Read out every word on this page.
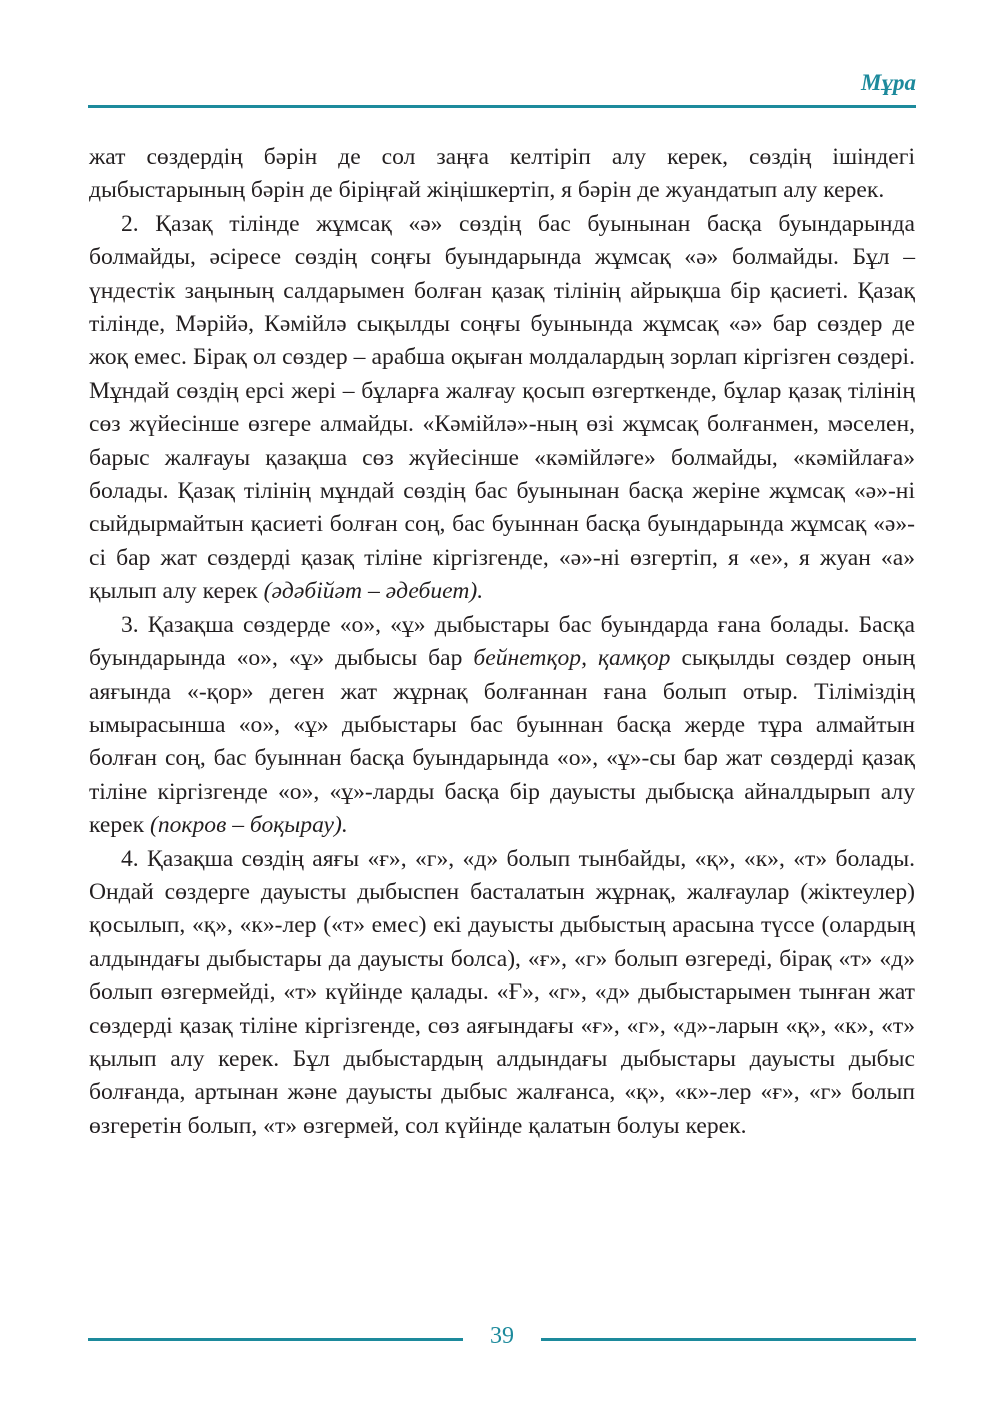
Мұра

жат сөздердің бәрін де сол заңға келтіріп алу керек, сөздің ішіндегі дыбыстарының бәрін де біріңғай жіңішкертіп, я бәрін де жуандатып алу керек.

2. Қазақ тілінде жұмсақ «ә» сөздің бас буынынан басқа буындарында болмайды, әсіресе сөздің соңғы буындарында жұмсақ «ә» болмайды. Бұл – үндестік заңының салдарымен болған қазақ тілінің айрықша бір қасиеті. Қазақ тілінде, Мәрійә, Кәмійлә сықылды соңғы буынында жұмсақ «ә» бар сөздер де жоқ емес. Бірақ ол сөздер – арабша оқыған молдалардың зорлап кіргізген сөздері. Мұндай сөздің ерсі жері – бұларға жалғау қосып өзгерткенде, бұлар қазақ тілінің сөз жүйесінше өзгере алмайды. «Кәмійлә»-ның өзі жұмсақ болғанмен, мәселен, барыс жалғауы қазақша сөз жүйесінше «кәмійләге» болмайды, «кәмійлаға» болады. Қазақ тілінің мұндай сөздің бас буынынан басқа жеріне жұмсақ «ә»-ні сыйдырмайтын қасиеті болған соң, бас буыннан басқа буындарында жұмсақ «ә»-сі бар жат сөздерді қазақ тіліне кіргізгенде, «ә»-ні өзгертіп, я «е», я жуан «а» қылып алу керек (әдәбійәт – әдебиет).

3. Қазақша сөздерде «о», «ұ» дыбыстары бас буындарда ғана болады. Басқа буындарында «о», «ұ» дыбысы бар бейнетқор, қамқор сықылды сөздер оның аяғында «-қор» деген жат жұрнақ болғаннан ғана болып отыр. Тіліміздің ымырасынша «о», «ұ» дыбыстары бас буыннан басқа жерде тұра алмайтын болған соң, бас буыннан басқа буындарында «о», «ұ»-сы бар жат сөздерді қазақ тіліне кіргізгенде «о», «ұ»-ларды басқа бір дауысты дыбысқа айналдырып алу керек (покров – боқырау).

4. Қазақша сөздің аяғы «ғ», «г», «д» болып тынбайды, «қ», «к», «т» болады. Ондай сөздерге дауысты дыбыспен басталатын жұрнақ, жалғаулар (жіктеулер) қосылып, «қ», «к»-лер («т» емес) екі дауысты дыбыстың арасына түссе (олардың алдындағы дыбыстары да дауысты болса), «ғ», «г» болып өзгереді, бірақ «т» «д» болып өзгермейді, «т» күйінде қалады. «Ғ», «г», «д» дыбыстарымен тынған жат сөздерді қазақ тіліне кіргізгенде, сөз аяғындағы «ғ», «г», «д»-ларын «қ», «к», «т» қылып алу керек. Бұл дыбыстардың алдындағы дыбыстары дауысты дыбыс болғанда, артынан және дауысты дыбыс жалғанса, «қ», «к»-лер «ғ», «г» болып өзгеретін болып, «т» өзгермей, сол күйінде қалатын болуы керек.

39
